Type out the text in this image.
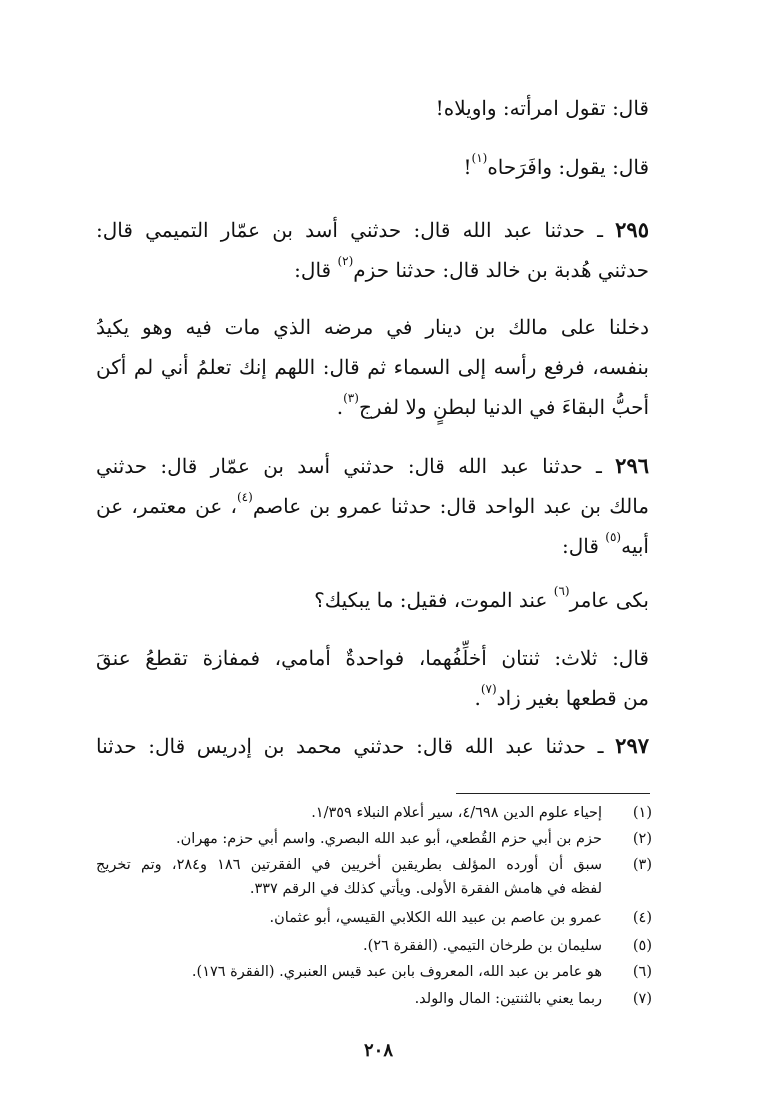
قال: تقول امرأته: واويلاه!
قال: يقول: وافَرَحاه$^{(١)}$!
٢٩٥ ـ حدثنا عبد الله قال: حدثني أسد بن عمّار التميمي قال:
حدثني هُدبة بن خالد قال: حدثنا حزم$^{(٢)}$ قال:
دخلنا على مالك بن دينار في مرضه الذي مات فيه وهو يكيدُ
بنفسه، فرفع رأسه إلى السماء ثم قال: اللهم إنك تعلمُ أني لم أكن
أحبُّ البقاءَ في الدنيا لبطنٍ ولا لفرج$^{(٣)}$.
٢٩٦ ـ حدثنا عبد الله قال: حدثني أسد بن عمّار قال: حدثني
مالك بن عبد الواحد قال: حدثنا عمرو بن عاصم$^{(٤)}$، عن معتمر، عن
أبيه$^{(٥)}$ قال:
بكى عامر$^{(٦)}$ عند الموت، فقيل: ما يبكيك؟
قال: ثلاث: ثنتان أخلِّفُهما، فواحدةٌ أمامي، فمفازة تقطعُ عنقَ
من قطعها بغير زاد$^{(٧)}$.
٢٩٧ ـ حدثنا عبد الله قال: حدثني محمد بن إدريس قال: حدثنا
(١)
إحياء علوم الدين ٤/٦٩٨، سير أعلام النبلاء ١/٣٥٩.
(٢)
حزم بن أبي حزم القُطعي، أبو عبد الله البصري. واسم أبي حزم: مهران.
(٣)
سبق أن أورده المؤلف بطريقين أخريين في الفقرتين ١٨٦ و٢٨٤، وتم تخريج
لفظه في هامش الفقرة الأولى. ويأتي كذلك في الرقم ٣٣٧.
(٤)
عمرو بن عاصم بن عبيد الله الكلابي القيسي، أبو عثمان.
(٥)
سليمان بن طرخان التيمي. (الفقرة ٢٦).
(٦)
هو عامر بن عبد الله، المعروف بابن عبد قيس العنبري. (الفقرة ١٧٦).
(٧)
ربما يعني بالثنتين: المال والولد.
٢٠٨
